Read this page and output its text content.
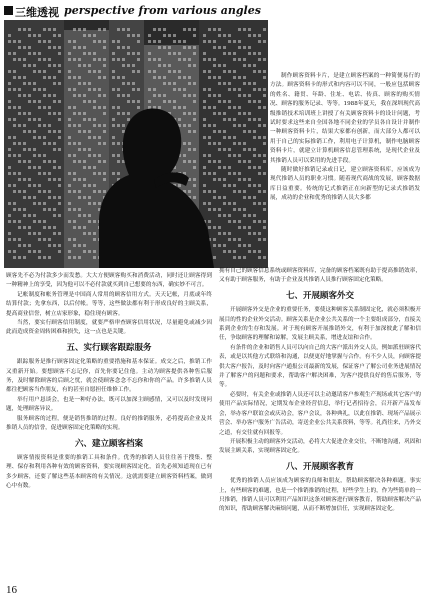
三维透视 perspective from various angles

制作顾客资料卡片，是建立顾客档案的一种简便易行的方法。顾客资料卡的形式和内容可以不同，一般应包括顾客的姓名、籍贯、年龄、住址、电话、传真、顾客的购买情况、顾客的服务记录、等等。1988年夏天，我在深圳现代高级推销技术培训班上讲授了有关顾客资料卡的设计问题，考试时要求这些来自全国各地不同企业的学员各自设计并制作一种顾客资料卡片，结果大家都有创新，而大部分人都可以用于自己的实际推销工作，利用电子计算机，制作电脑顾客资料卡片，就建立计算机顾客信息管理系统，是现代企业及其推销人员可以采用的先进手段。

随时做好推销记录或日记，建立顾客资料库，应该成为现代推销人员的职业习惯。随着现代商战的发展，顾客数据库日益重要。传统的记式推销正在向新型的记录式推销发展，成功的企业和优秀的推销人员大多都

拥有自己的顾客信息系统或顾客资料库，完备的顾客档案既有助于提高推销效率，又有助于顾客服务，有助于企业及其推销人员推行顾客固定化策略。

七、开展顾客外交

开展顾客外交是企业的重要任务，要使这种顾客关系制固定化，就必须积极开展目的性的企业外交活动。顾客关系是企业公共关系的一个主要组成部分，直接关系到企业的生存和发展。对于现有顾客开展推销外交，有利于加深彼此了解和信任，争取顾客的理解和谅解，发展主顾关系，增进友谊和合作。

有条件的企业和销售人员可以向自己的大客户派出外交人员，例如派驻顾客代表，或是以其他方式联络和沟通，以便更好地掌握与合作。有不少人员，向顾客提供大客户报告，及时向客户通报公司最新的发展，保证客户了解公司业务进展情况并了解客户的问题和要求，帮助客户解决困难，为客户提供良好的售后服务，等等。

必要时，有关企业或推销人员还可以主动邀请客户参观生产现场或其它客户的使用产品实际情况，定期发布企业经营信息，举行记者招待会，召开新产品发布会，举办客户联谊会或庆功会，客户会议，各种典礼，以此在推销、现场产品展示营会、举办客户服务广告活动，寄送企业公共关系资料，等等。礼尚往来，乃外交之道，有交往就有回报等。

开展积极主动的顾客外交活动，必将大大促进企业交往，不断地沟通，巩固和发展主顾关系，实现顾客固定化。

八、开展顾客教育

优秀的推销人员应该成为顾客的良师和朋友，帮助顾客解决各种难题。事实上，有些顾客的难题，也是一个推销推销的过程，好些学生上的，作为些简单的一只推销，推销人员可以利用产品知识这条对顾客进行顾客教育，帮助顾客解决产品的知识，帮助顾客解决麻烦问题，从而不断增加信任，实现顾客固定化。

顾客先不必为付款多少而发愁。大大方便顾客购买和消费活动，同时还让顾客得到一种精神上的享受，因为他可以不必付款就买到自己想要的东西，确实妙不可言。

记帐制度和帐务管理是中国商人常用的顾客信用方式。天天记帐，月底或年终结算付款；先拿东西，以后付帐。等等，这些做法都有利于形成良好的主顾关系，提高商业信誉，树立店家形象，稳住现有顾客。

当然，要实行顾客信用制度，就要严格审查顾客信用状况，尽量避免或减少因此而造成资金周转困难和损失，这一点也是关键。

五、实行顾客跟踪服务

跟踪服务是推行顾客固定化策略的重要措施和基本保证。成交之后，推销工作又重新开始。要想顾客不忘记你，首先你要记住他。主动为顾客提供各种售后服务，及时解除顾客的后顾之忧，就会使顾客念念不忘你和你的产品。许多推销人员都往把顾客当作朋友，有的甚至自愿担任维修工作。

举行用户恳谈会，也是一种好办法，既可以加深主顾感情，又可以及时发现问题，处理顾客异议。

服务顾客的过程，便是销售推销的过程。良好的推销服务，必将提高企业及其推销人员的信誉，促进顾客固定化策略的实现。

六、建立顾客档案

顾客情报资料是重要的推销工具和条件。优秀的推销人员往往善于搜集、整理、保存和利用各种有效的顾客资料，要实现顾客固定化，首先必须知道现在已有多少顾客，还要了解这些基本顾客的有关情况。这就需要建立顾客资料档案，做到心中有数。

16
